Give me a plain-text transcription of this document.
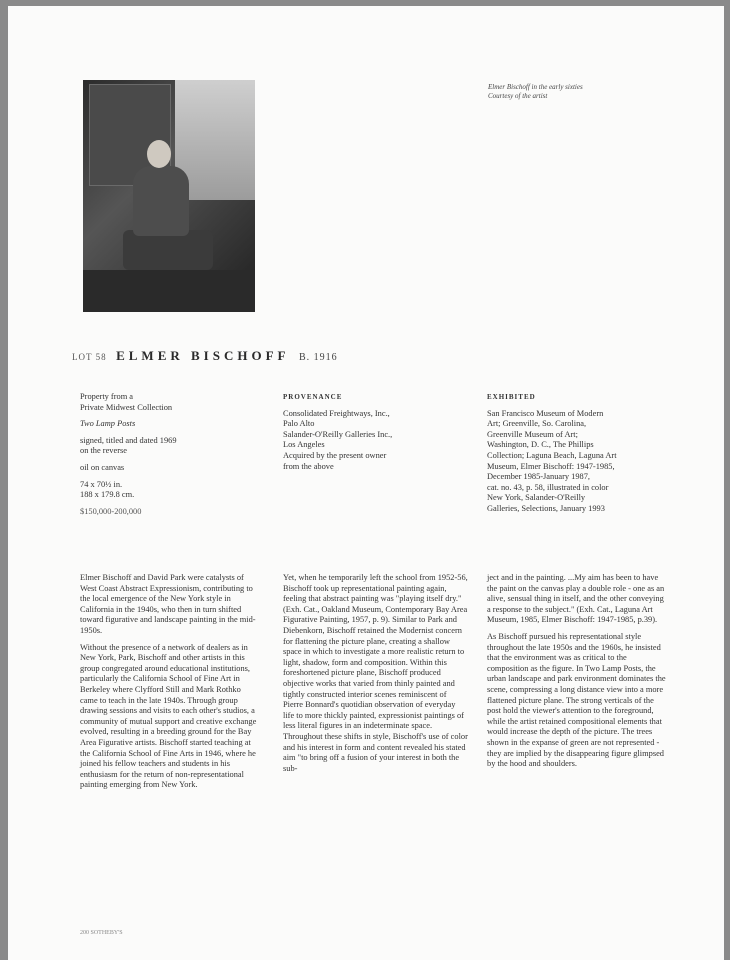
Elmer Bischoff in the early sixties
Courtesy of the artist
LOT 58 ELMER BISCHOFF B. 1916

Property from a
Private Midwest Collection

Two Lamp Posts

signed, titled and dated 1969
on the reverse

oil on canvas

74 x 70½ in.
188 x 179.8 cm.

$150,000-200,000

PROVENANCE

Consolidated Freightways, Inc.,
Palo Alto
Salander-O'Reilly Galleries Inc.,
Los Angeles
Acquired by the present owner
from the above

EXHIBITED

San Francisco Museum of Modern
Art; Greenville, So. Carolina,
Greenville Museum of Art;
Washington, D. C., The Phillips
Collection; Laguna Beach, Laguna Art
Museum, Elmer Bischoff: 1947-1985,
December 1985-January 1987,
cat. no. 43, p. 58, illustrated in color
New York, Salander-O'Reilly
Galleries, Selections, January 1993

Elmer Bischoff and David Park were catalysts of West Coast Abstract Expressionism, contributing to the local emergence of the New York style in California in the 1940s, who then in turn shifted toward figurative and landscape painting in the mid-1950s.

Without the presence of a network of dealers as in New York, Park, Bischoff and other artists in this group congregated around educational institutions, particularly the California School of Fine Art in Berkeley where Clyfford Still and Mark Rothko came to teach in the late 1940s. Through group drawing sessions and visits to each other's studios, a community of mutual support and creative exchange evolved, resulting in a breeding ground for the Bay Area Figurative artists. Bischoff started teaching at the California School of Fine Arts in 1946, where he joined his fellow teachers and students in his enthusiasm for the return of non-representational painting emerging from New York.

Yet, when he temporarily left the school from 1952-56, Bischoff took up representational painting again, feeling that abstract painting was "playing itself dry." (Exh. Cat., Oakland Museum, Contemporary Bay Area Figurative Painting, 1957, p. 9). Similar to Park and Diebenkorn, Bischoff retained the Modernist concern for flattening the picture plane, creating a shallow space in which to investigate a more realistic return to light, shadow, form and composition. Within this foreshortened picture plane, Bischoff produced objective works that varied from thinly painted and tightly constructed interior scenes reminiscent of Pierre Bonnard's quotidian observation of everyday life to more thickly painted, expressionist paintings of less literal figures in an indeterminate space. Throughout these shifts in style, Bischoff's use of color and his interest in form and content revealed his stated aim "to bring off a fusion of your interest in both the sub-

ject and in the painting. ...My aim has been to have the paint on the canvas play a double role - one as an alive, sensual thing in itself, and the other conveying a response to the subject." (Exh. Cat., Laguna Art Museum, 1985, Elmer Bischoff: 1947-1985, p.39).

As Bischoff pursued his representational style throughout the late 1950s and the 1960s, he insisted that the environment was as critical to the composition as the figure. In Two Lamp Posts, the urban landscape and park environment dominates the scene, compressing a long distance view into a more flattened picture plane. The strong verticals of the post hold the viewer's attention to the foreground, while the artist retained compositional elements that would increase the depth of the picture. The trees shown in the expanse of green are not represented - they are implied by the disappearing figure glimpsed by the hood and shoulders.

200 SOTHEBY'S
